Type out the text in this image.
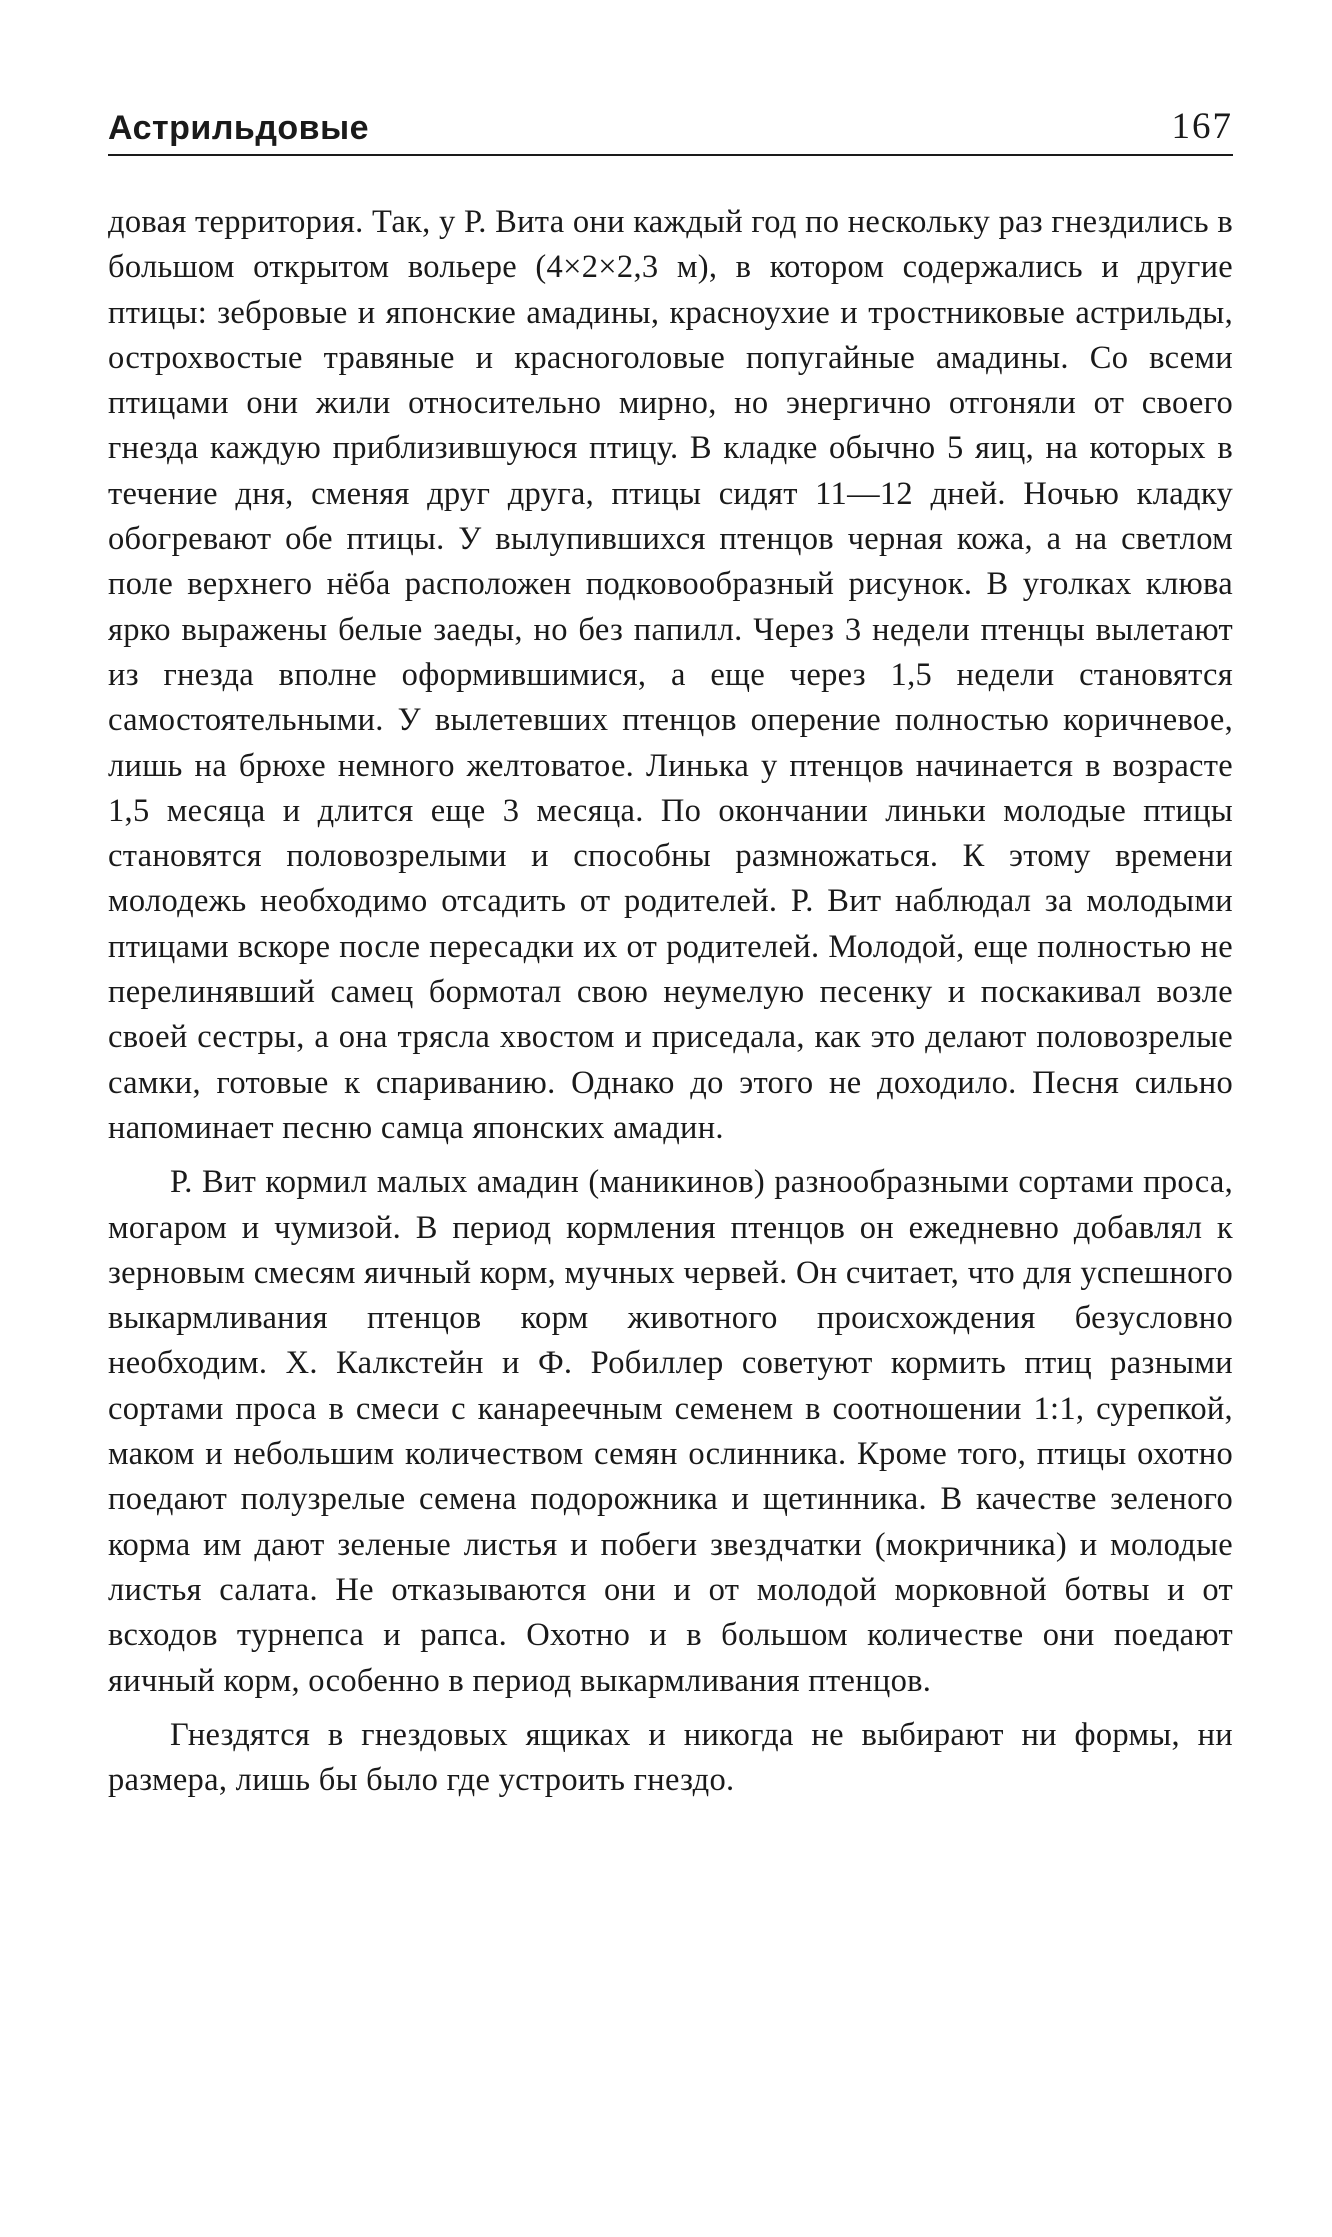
Астрильдовые	167

довая территория. Так, у Р. Вита они каждый год по нескольку раз гнездились в большом открытом вольере (4×2×2,3 м), в котором содержались и другие птицы: зебровые и японские амадины, красноухие и тростниковые астрильды, острохвостые травяные и красноголовые попугайные амадины. Со всеми птицами они жили относительно мирно, но энергично отгоняли от своего гнезда каждую приблизившуюся птицу. В кладке обычно 5 яиц, на которых в течение дня, сменяя друг друга, птицы сидят 11—12 дней. Ночью кладку обогревают обе птицы. У вылупившихся птенцов черная кожа, а на светлом поле верхнего нёба расположен подковообразный рисунок. В уголках клюва ярко выражены белые заеды, но без папилл. Через 3 недели птенцы вылетают из гнезда вполне оформившимися, а еще через 1,5 недели становятся самостоятельными. У вылетевших птенцов оперение полностью коричневое, лишь на брюхе немного желтоватое. Линька у птенцов начинается в возрасте 1,5 месяца и длится еще 3 месяца. По окончании линьки молодые птицы становятся половозрелыми и способны размножаться. К этому времени молодежь необходимо отсадить от родителей. Р. Вит наблюдал за молодыми птицами вскоре после пересадки их от родителей. Молодой, еще полностью не перелинявший самец бормотал свою неумелую песенку и поскакивал возле своей сестры, а она трясла хвостом и приседала, как это делают половозрелые самки, готовые к спариванию. Однако до этого не доходило. Песня сильно напоминает песню самца японских амадин.

Р. Вит кормил малых амадин (маникинов) разнообразными сортами проса, могаром и чумизой. В период кормления птенцов он ежедневно добавлял к зерновым смесям яичный корм, мучных червей. Он считает, что для успешного выкармливания птенцов корм животного происхождения безусловно необходим. Х. Калкстейн и Ф. Робиллер советуют кормить птиц разными сортами проса в смеси с канареечным семенем в соотношении 1:1, сурепкой, маком и небольшим количеством семян ослинника. Кроме того, птицы охотно поедают полузрелые семена подорожника и щетинника. В качестве зеленого корма им дают зеленые листья и побеги звездчатки (мокричника) и молодые листья салата. Не отказываются они и от молодой морковной ботвы и от всходов турнепса и рапса. Охотно и в большом количестве они поедают яичный корм, особенно в период выкармливания птенцов.

Гнездятся в гнездовых ящиках и никогда не выбирают ни формы, ни размера, лишь бы было где устроить гнездо.
